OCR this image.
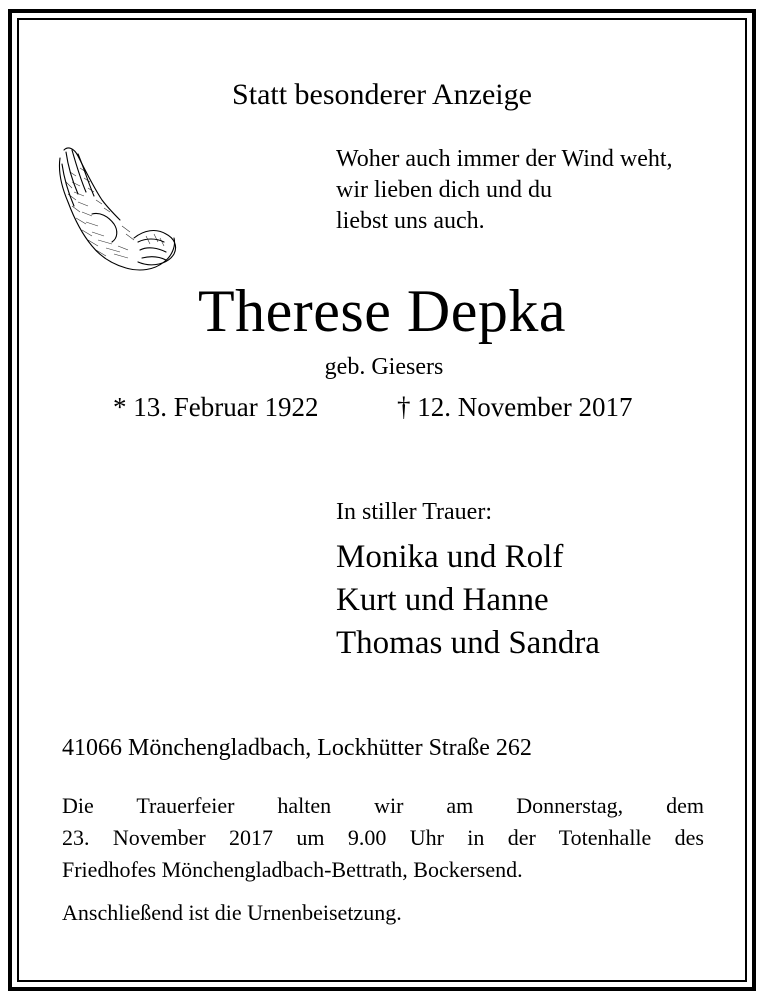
Statt besonderer Anzeige
Woher auch immer der Wind weht,
wir lieben dich und du
liebst uns auch.
Therese Depka
geb. Giesers
* 13. Februar 1922	† 12. November 2017
In stiller Trauer:
Monika und Rolf
Kurt und Hanne
Thomas und Sandra
41066 Mönchengladbach, Lockhütter Straße 262
Die Trauerfeier halten wir am Donnerstag, dem
23. November 2017 um 9.00 Uhr in der Totenhalle des
Friedhofes Mönchengladbach-Bettrath, Bockersend.
Anschließend ist die Urnenbeisetzung.
